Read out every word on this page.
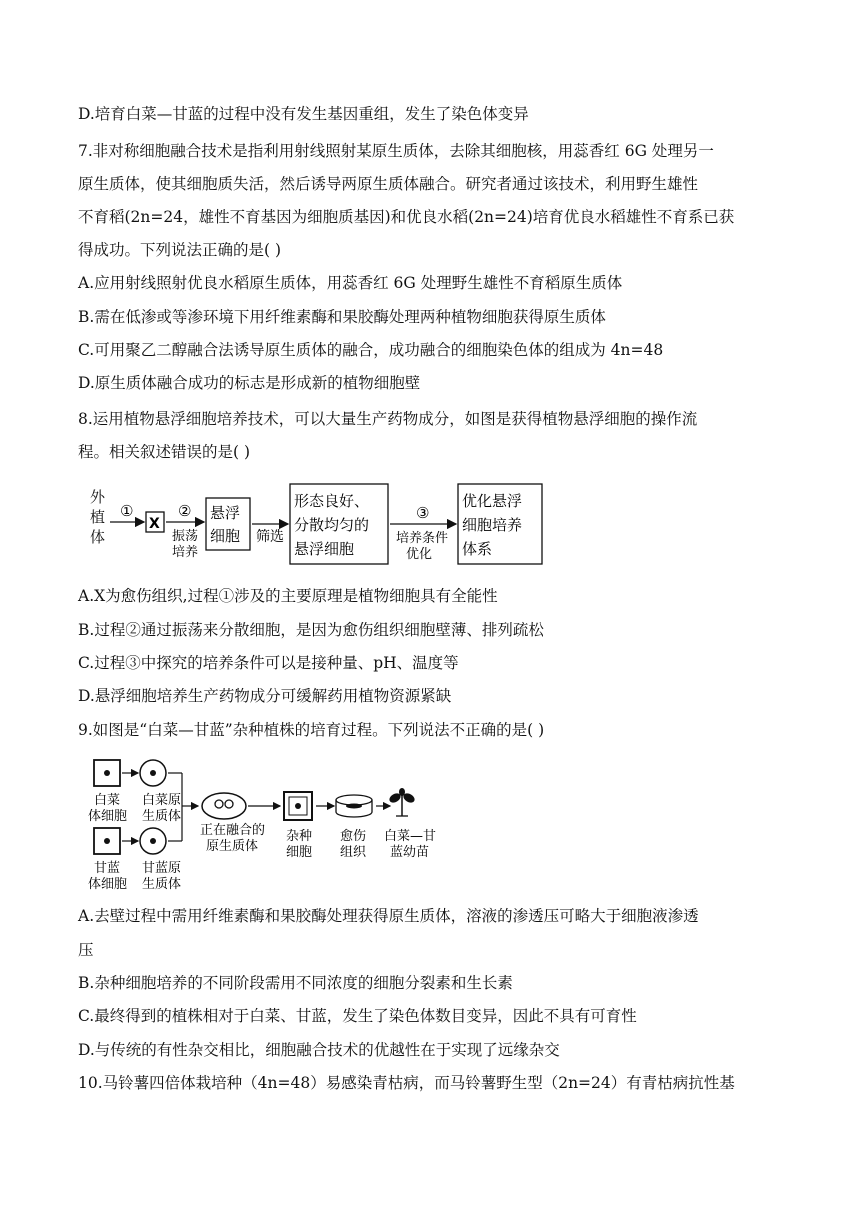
D.培育白菜—甘蓝的过程中没有发生基因重组，发生了染色体变异
7.非对称细胞融合技术是指利用射线照射某原生质体，去除其细胞核，用蕊香红 6G 处理另一
原生质体，使其细胞质失活，然后诱导两原生质体融合。研究者通过该技术，利用野生雄性
不育稻(2n=24，雄性不育基因为细胞质基因)和优良水稻(2n=24)培育优良水稻雄性不育系已获
得成功。下列说法正确的是( )
A.应用射线照射优良水稻原生质体，用蕊香红 6G 处理野生雄性不育稻原生质体
B.需在低渗或等渗环境下用纤维素酶和果胶酶处理两种植物细胞获得原生质体
C.可用聚乙二醇融合法诱导原生质体的融合，成功融合的细胞染色体的组成为 4n=48
D.原生质体融合成功的标志是形成新的植物细胞壁
8.运用植物悬浮细胞培养技术，可以大量生产药物成分，如图是获得植物悬浮细胞的操作流
程。相关叙述错误的是( )
外
植
体
①
X
②
振荡
培养
悬浮
细胞 筛选
形态良好、
分散均匀的
悬浮细胞
③
培养条件
优化
优化悬浮
细胞培养
体系
A.X为愈伤组织,过程①涉及的主要原理是植物细胞具有全能性
B.过程②通过振荡来分散细胞，是因为愈伤组织细胞壁薄、排列疏松
C.过程③中探究的培养条件可以是接种量、pH、温度等
D.悬浮细胞培养生产药物成分可缓解药用植物资源紧缺
9.如图是“白菜—甘蓝”杂种植株的培育过程。下列说法不正确的是( )
白菜
体细胞
白菜原
生质体
甘蓝
体细胞
甘蓝原
生质体
正在融合的
原生质体
杂种
细胞
愈伤
组织
白菜—甘
蓝幼苗
A.去壁过程中需用纤维素酶和果胶酶处理获得原生质体，溶液的渗透压可略大于细胞液渗透
压
B.杂种细胞培养的不同阶段需用不同浓度的细胞分裂素和生长素
C.最终得到的植株相对于白菜、甘蓝，发生了染色体数目变异，因此不具有可育性
D.与传统的有性杂交相比，细胞融合技术的优越性在于实现了远缘杂交
10.马铃薯四倍体栽培种（4n=48）易感染青枯病，而马铃薯野生型（2n=24）有青枯病抗性基
